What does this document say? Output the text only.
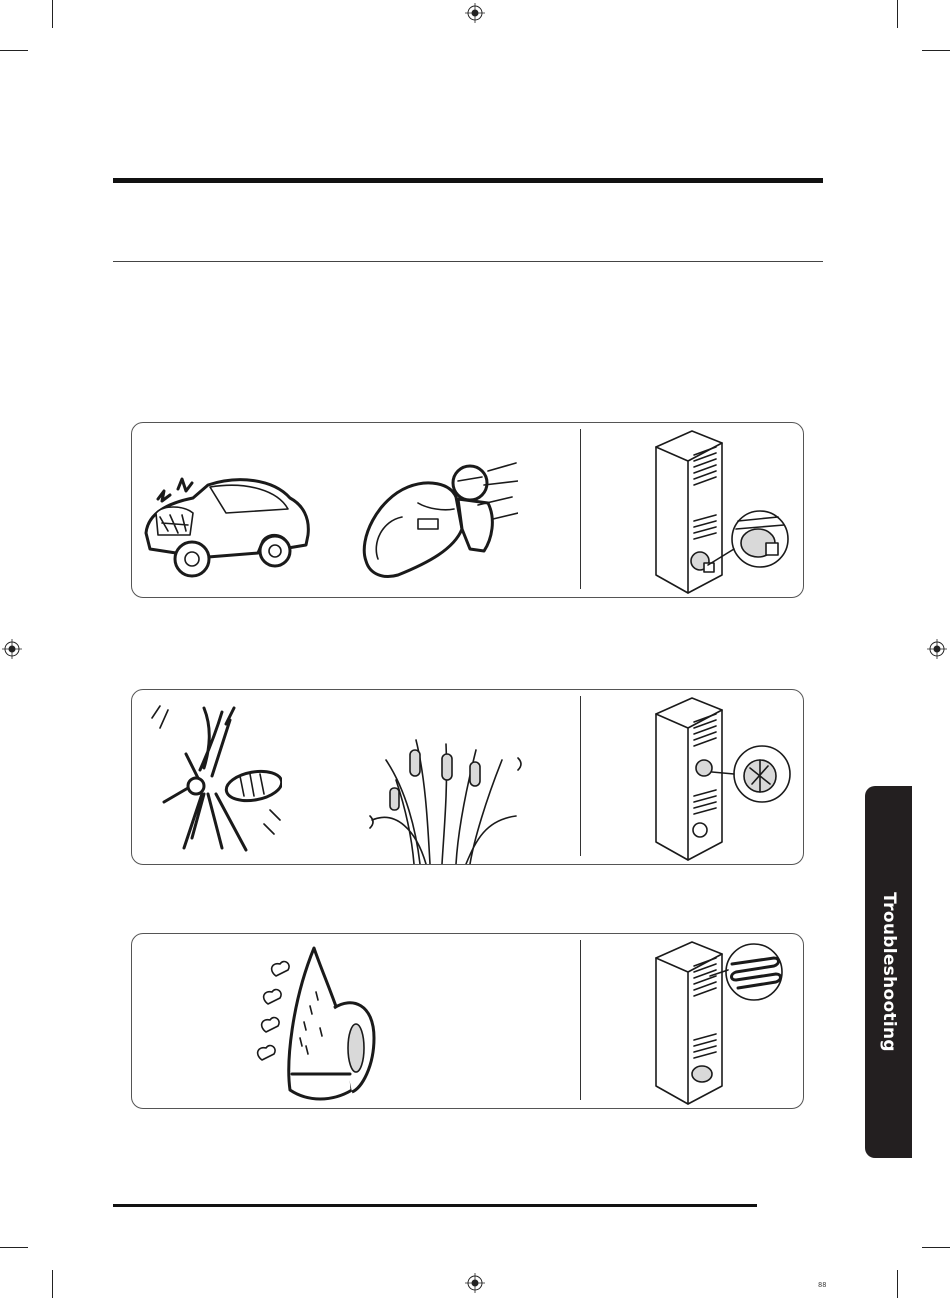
Troubleshooting
88
